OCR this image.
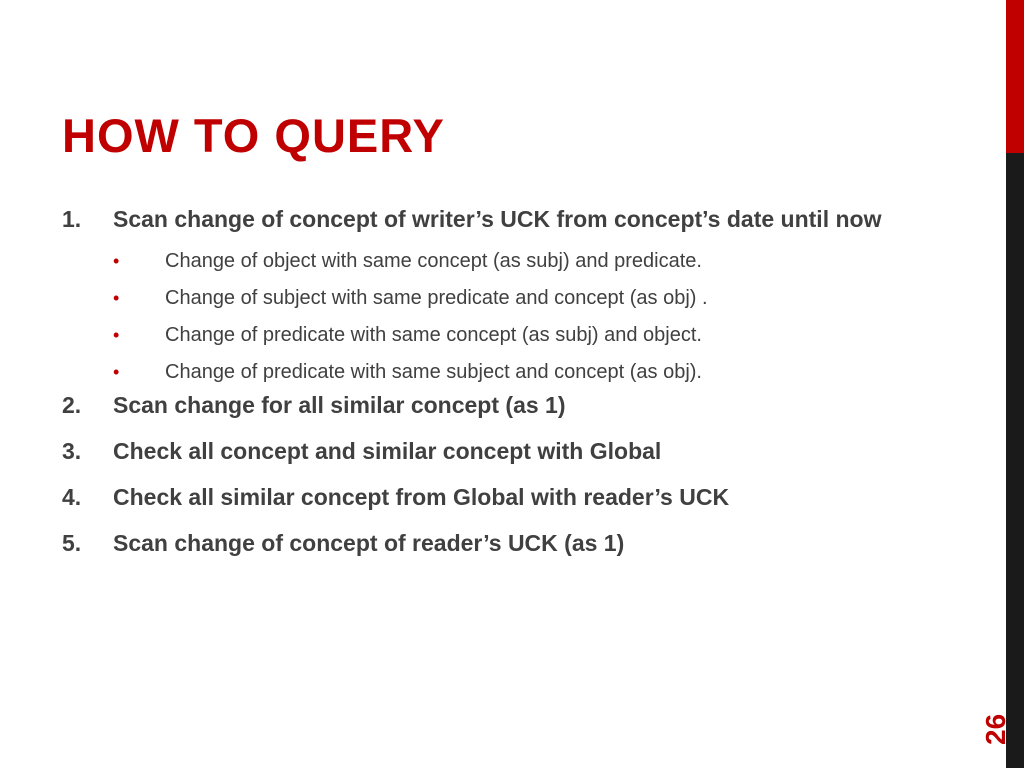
HOW TO QUERY
1. Scan change of concept of writer’s UCK from concept’s date until now
• Change of object with same concept (as subj) and predicate.
• Change of subject with same predicate and concept (as obj) .
• Change of predicate with same concept (as subj) and object.
• Change of predicate with same subject and concept (as obj).
2. Scan change for all similar concept (as 1)
3. Check all concept and similar concept with Global
4. Check all similar concept from Global with reader’s UCK
5. Scan change of concept of reader’s UCK (as 1)
26
